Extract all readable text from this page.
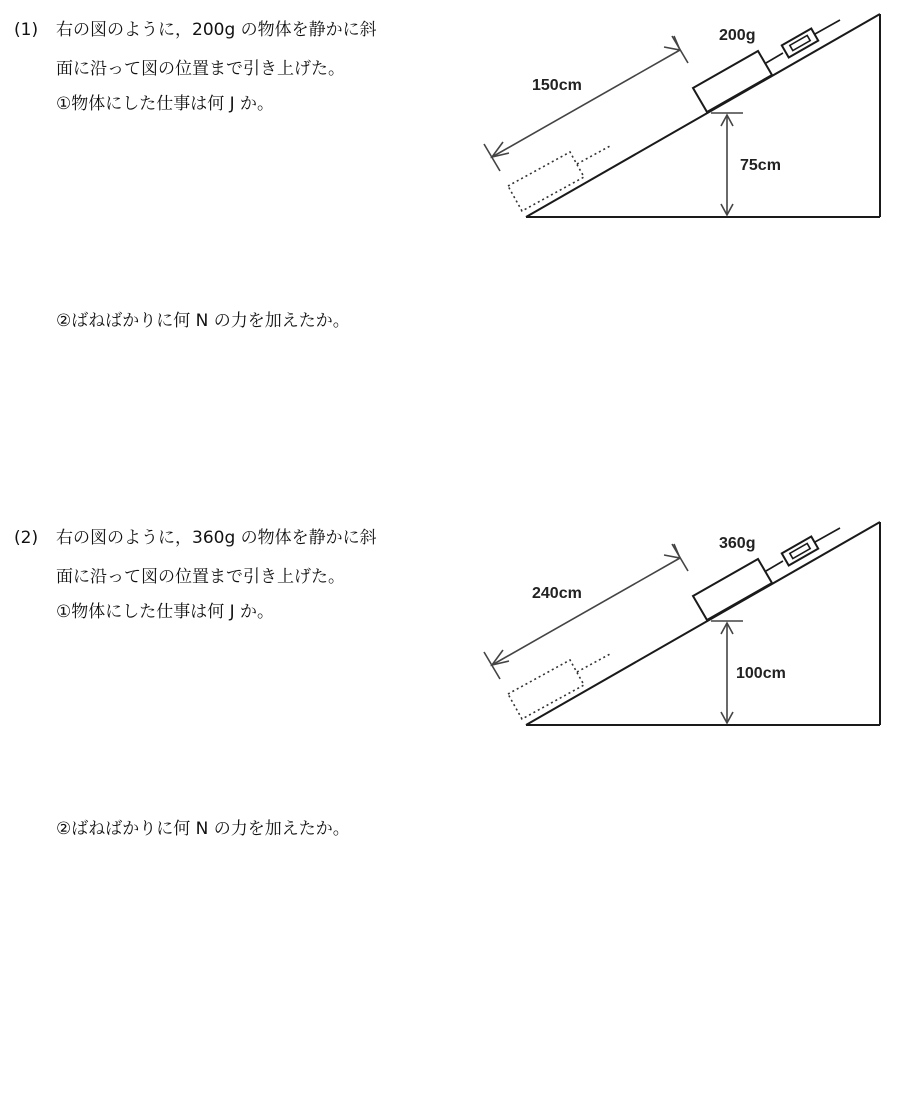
(1) 右の図のように，200g の物体を静かに斜
面に沿って図の位置まで引き上げた。
①物体にした仕事は何 J か。
②ばねばかりに何 N の力を加えたか。
200g
150cm
75cm
(2) 右の図のように，360g の物体を静かに斜
面に沿って図の位置まで引き上げた。
①物体にした仕事は何 J か。
②ばねばかりに何 N の力を加えたか。
360g
240cm
100cm
